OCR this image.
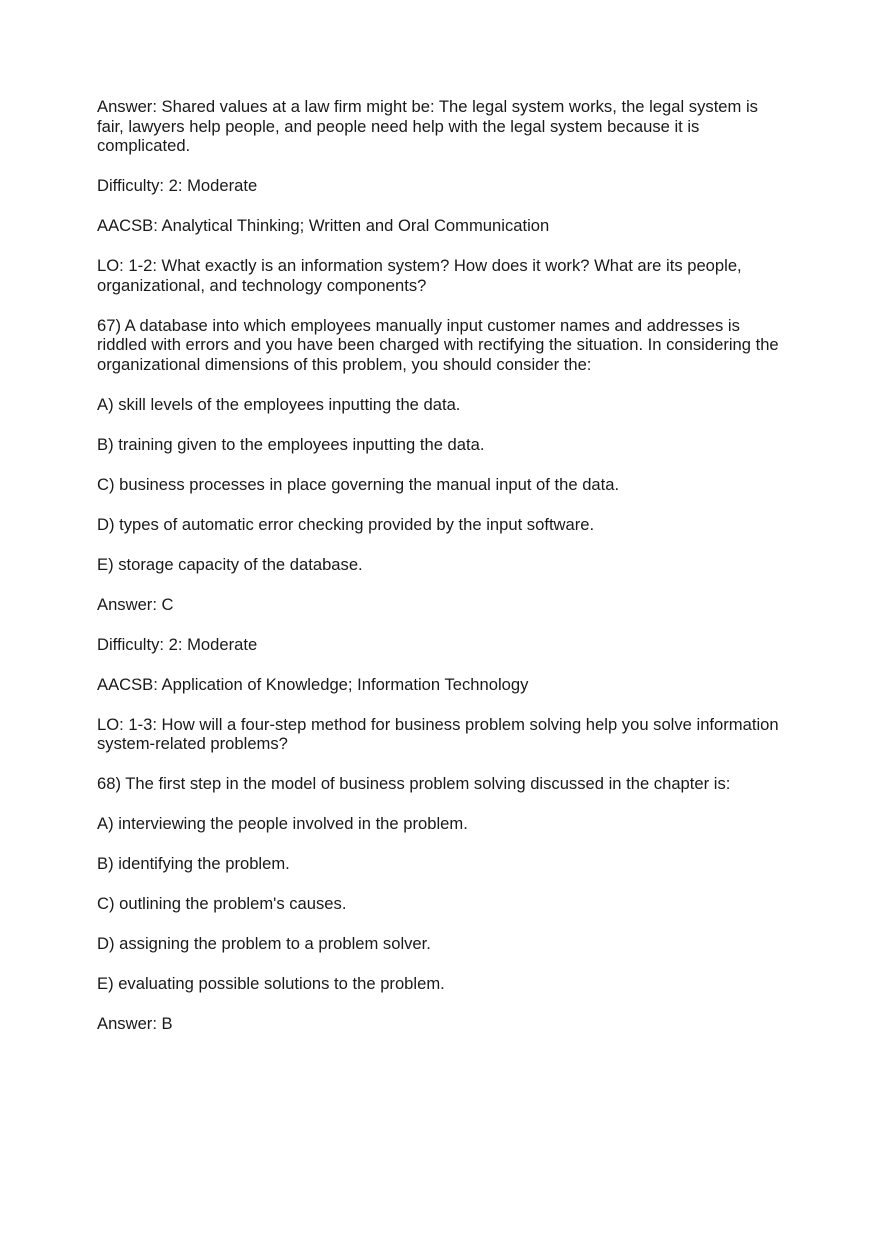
Answer: Shared values at a law firm might be: The legal system works, the legal system is fair, lawyers help people, and people need help with the legal system because it is complicated.

Difficulty: 2: Moderate

AACSB: Analytical Thinking; Written and Oral Communication

LO: 1-2: What exactly is an information system? How does it work? What are its people, organizational, and technology components?

67) A database into which employees manually input customer names and addresses is riddled with errors and you have been charged with rectifying the situation. In considering the organizational dimensions of this problem, you should consider the:

A) skill levels of the employees inputting the data.

B) training given to the employees inputting the data.

C) business processes in place governing the manual input of the data.

D) types of automatic error checking provided by the input software.

E) storage capacity of the database.

Answer: C

Difficulty: 2: Moderate

AACSB: Application of Knowledge; Information Technology

LO: 1-3: How will a four-step method for business problem solving help you solve information system-related problems?

68) The first step in the model of business problem solving discussed in the chapter is:

A) interviewing the people involved in the problem.

B) identifying the problem.

C) outlining the problem's causes.

D) assigning the problem to a problem solver.

E) evaluating possible solutions to the problem.

Answer: B
